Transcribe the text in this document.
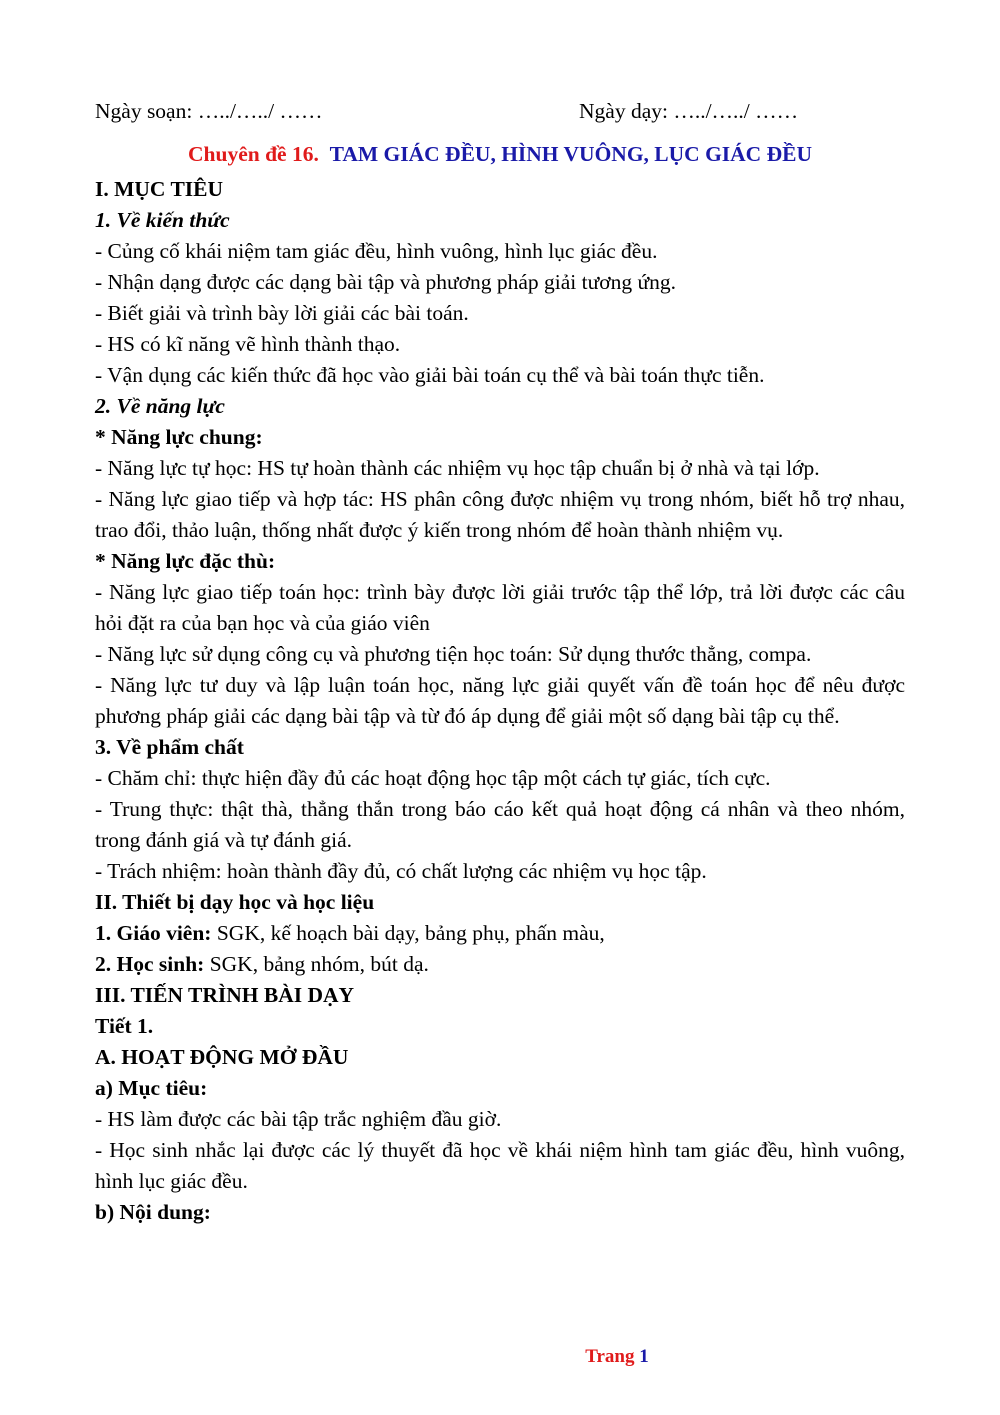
Ngày soạn: …../…../ ……	Ngày dạy: …../…../ ……
Chuyên đề 16. TAM GIÁC ĐỀU, HÌNH VUÔNG, LỤC GIÁC ĐỀU
I. MỤC TIÊU
1. Về kiến thức
- Củng cố khái niệm tam giác đều, hình vuông, hình lục giác đều.
- Nhận dạng được các dạng bài tập và phương pháp giải tương ứng.
- Biết giải và trình bày lời giải các bài toán.
- HS có kĩ năng vẽ hình thành thạo.
- Vận dụng các kiến thức đã học vào giải bài toán cụ thể và bài toán thực tiễn.
2. Về năng lực
* Năng lực chung:
- Năng lực tự học: HS tự hoàn thành các nhiệm vụ học tập chuẩn bị ở nhà và tại lớp.
- Năng lực giao tiếp và hợp tác: HS phân công được nhiệm vụ trong nhóm, biết hỗ trợ nhau, trao đổi, thảo luận, thống nhất được ý kiến trong nhóm để hoàn thành nhiệm vụ.
* Năng lực đặc thù:
- Năng lực giao tiếp toán học: trình bày được lời giải trước tập thể lớp, trả lời được các câu hỏi đặt ra của bạn học và của giáo viên
- Năng lực sử dụng công cụ và phương tiện học toán: Sử dụng thước thẳng, compa.
- Năng lực tư duy và lập luận toán học, năng lực giải quyết vấn đề toán học để nêu được phương pháp giải các dạng bài tập và từ đó áp dụng để giải một số dạng bài tập cụ thể.
3. Về phẩm chất
- Chăm chỉ: thực hiện đầy đủ các hoạt động học tập một cách tự giác, tích cực.
- Trung thực: thật thà, thẳng thắn trong báo cáo kết quả hoạt động cá nhân và theo nhóm, trong đánh giá và tự đánh giá.
- Trách nhiệm: hoàn thành đầy đủ, có chất lượng các nhiệm vụ học tập.
II. Thiết bị dạy học và học liệu
1. Giáo viên: SGK, kế hoạch bài dạy, bảng phụ, phấn màu,
2. Học sinh: SGK, bảng nhóm, bút dạ.
III. TIẾN TRÌNH BÀI DẠY
Tiết 1.
A. HOẠT ĐỘNG MỞ ĐẦU
a) Mục tiêu:
- HS làm được các bài tập trắc nghiệm đầu giờ.
- Học sinh nhắc lại được các lý thuyết đã học về khái niệm hình tam giác đều, hình vuông, hình lục giác đều.
b) Nội dung:
Trang 1
